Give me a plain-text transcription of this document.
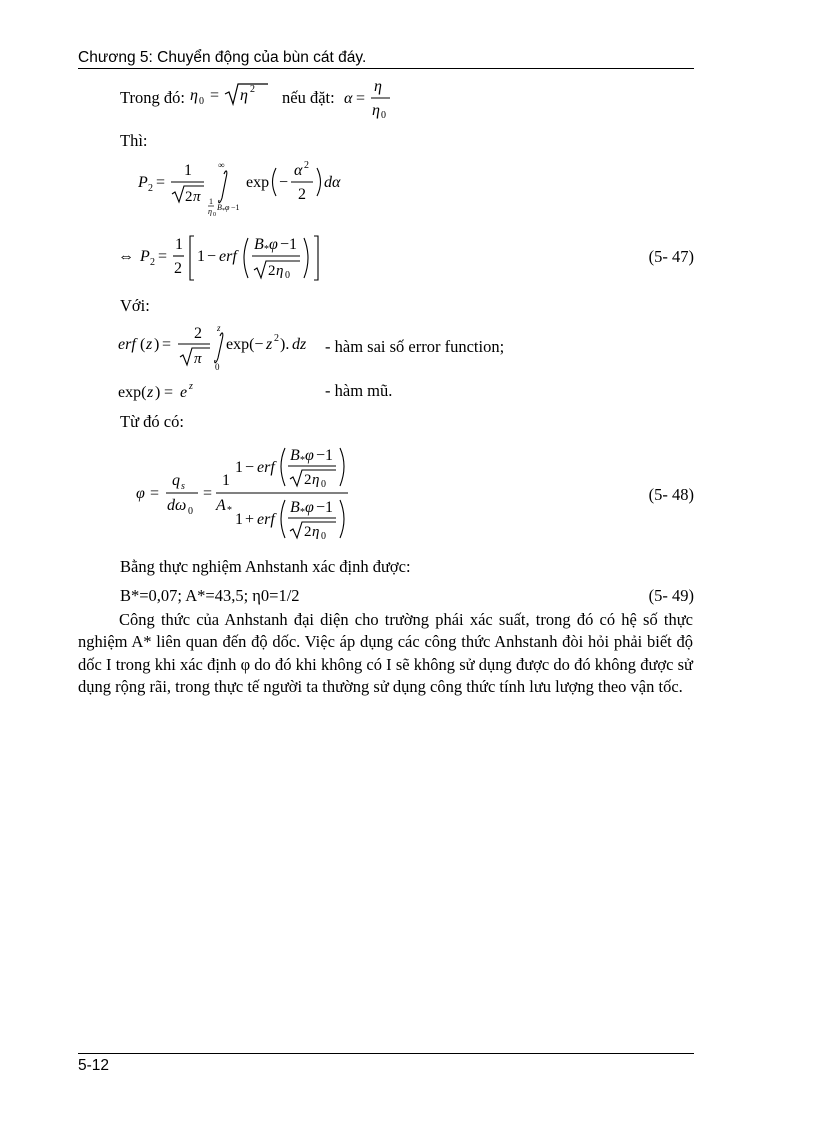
Chương 5: Chuyển động của bùn cát đáy.
Trong đó: η 0 = η 2 nếu đặt: α =
η
η 0
Thì:
P 2 =
1
2 π
∞
1
η 0
B * φ −1
exp −
α 2
2
dα
⇔ P 2 =
1
2
1 − erf
B * φ −1
2 η 0
(5- 47)
Với:
erf ( z ) =
2
π
z
0
exp(− z 2 ). dz - hàm sai số error function;
exp( z ) = e z	- hàm mũ.
Từ đó có:
φ =
q s
dω 0
=
1
A *
1 − erf
B * φ −1
2 η 0
1 + erf
B * φ −1
2 η 0
(5- 48)
Bằng thực nghiệm Anhstanh xác định được:
B*=0,07; A*=43,5; η0=1/2	(5- 49)
Công thức của Anhstanh đại diện cho trường phái xác suất, trong đó có hệ số thực nghiệm A* liên quan đến độ dốc. Việc áp dụng các công thức Anhstanh đòi hỏi phải biết độ dốc I trong khi xác định φ do đó khi không có I sẽ không sử dụng được do đó không được sử dụng rộng rãi, trong thực tế người ta thường sử dụng công thức tính lưu lượng theo vận tốc.
5-12
